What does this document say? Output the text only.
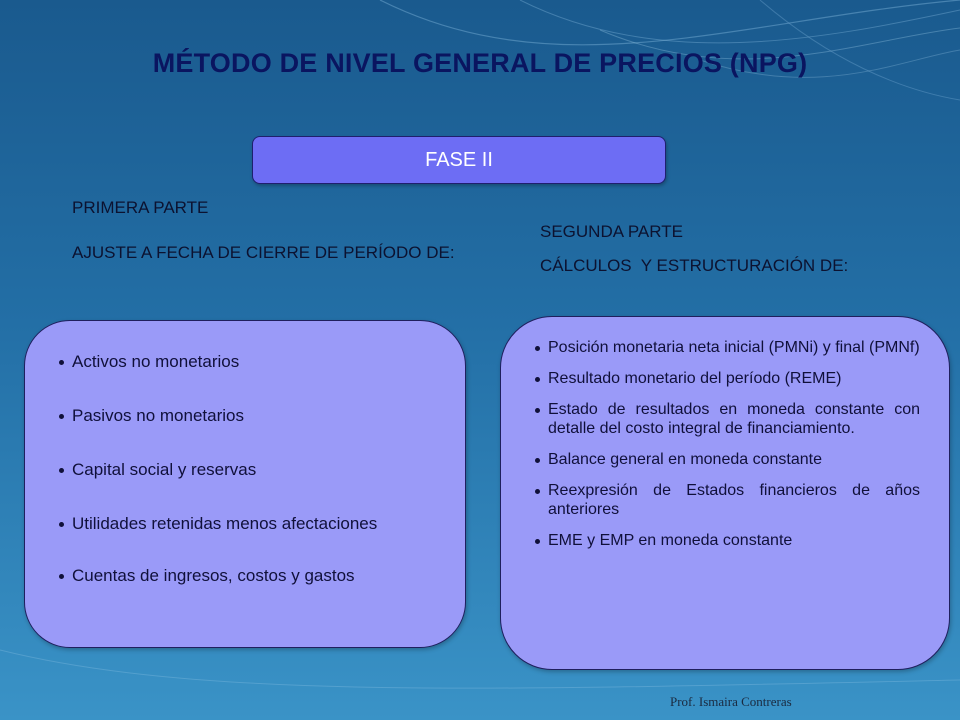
MÉTODO DE NIVEL GENERAL DE PRECIOS (NPG)
FASE II
PRIMERA PARTE
AJUSTE A FECHA DE CIERRE DE PERÍODO DE:
SEGUNDA PARTE
CÁLCULOS  Y ESTRUCTURACIÓN DE:
Activos no monetarios
Pasivos no monetarios
Capital social y reservas
Utilidades retenidas menos afectaciones
Cuentas de ingresos, costos y gastos
Posición monetaria neta inicial (PMNi) y final (PMNf)
Resultado monetario del período (REME)
Estado de resultados en moneda constante con detalle del costo integral de financiamiento.
Balance general en moneda constante
Reexpresión de Estados financieros de años anteriores
EME y EMP en moneda constante
Prof. Ismaira Contreras
